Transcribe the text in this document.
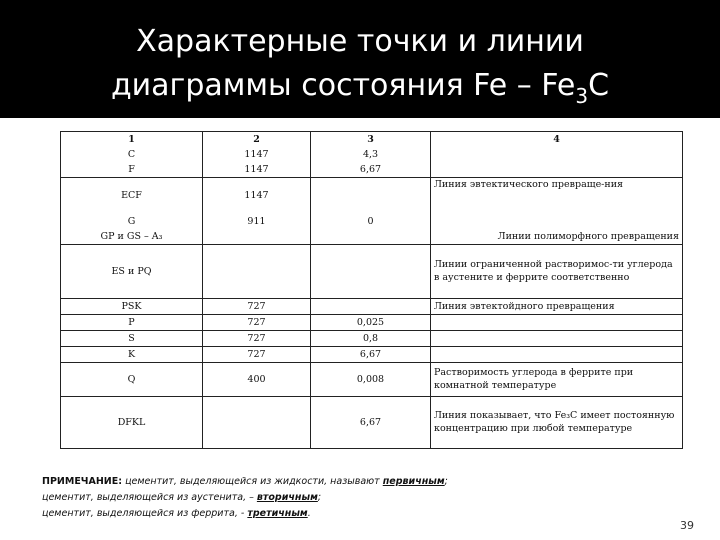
Характерные точки и линии
диаграммы состояния Fe – $Fe_3C$
1	2	3	4
C	1147	4,3	
F	1147	6,67	
ECF	1147		Линия эвтектического превраще-ния
G	911	0	
GP и GS – A₃			Линии полиморфного превращения
ES и PQ			Линии ограниченной растворимос-ти углерода в аустените и феррите соответственно
PSK	727		Линия эвтектойдного превращения
P	727	0,025	
S	727	0,8	
K	727	6,67	
Q	400	0,008	Растворимость углерода в феррите при комнатной температуре
DFKL		6,67	Линия показывает, что Fe₃C имеет постоянную концентрацию при любой температуре
ПРИМЕЧАНИЕ: цементит, выделяющейся из жидкости, называют первичным;
цементит, выделяющейся из аустенита, – вторичным;
цементит, выделяющейся из феррита, - третичным.
39
